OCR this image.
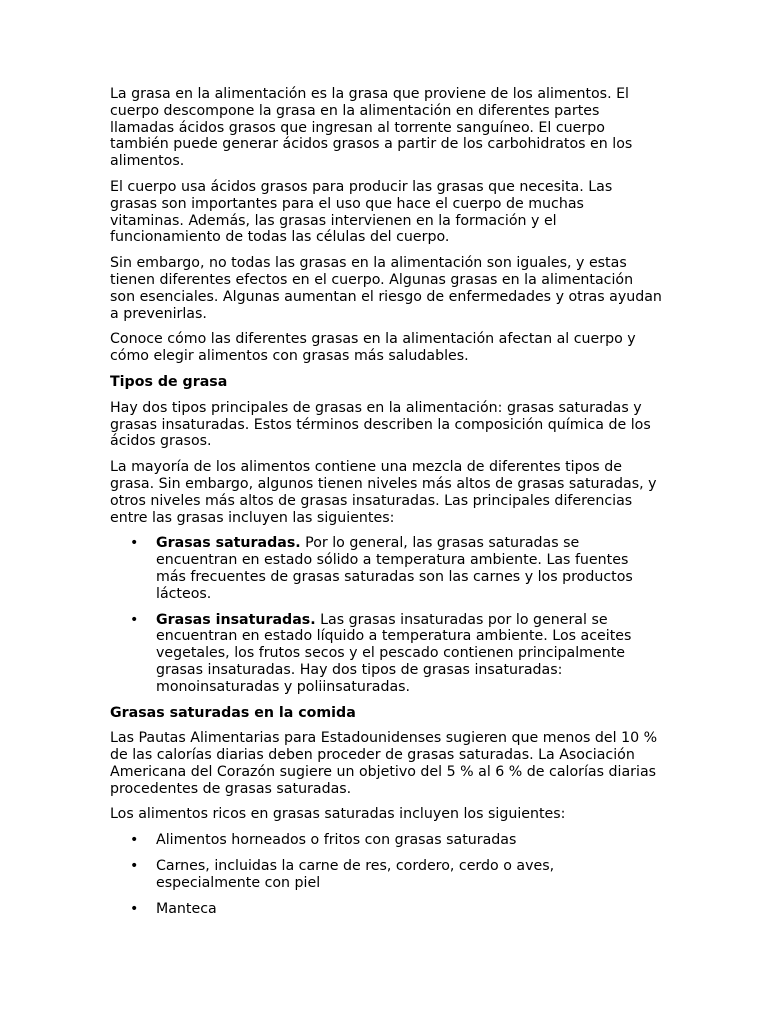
La grasa en la alimentación es la grasa que proviene de los alimentos. El cuerpo descompone la grasa en la alimentación en diferentes partes llamadas ácidos grasos que ingresan al torrente sanguíneo. El cuerpo también puede generar ácidos grasos a partir de los carbohidratos en los alimentos.

El cuerpo usa ácidos grasos para producir las grasas que necesita. Las grasas son importantes para el uso que hace el cuerpo de muchas vitaminas. Además, las grasas intervienen en la formación y el funcionamiento de todas las células del cuerpo.

Sin embargo, no todas las grasas en la alimentación son iguales, y estas tienen diferentes efectos en el cuerpo. Algunas grasas en la alimentación son esenciales. Algunas aumentan el riesgo de enfermedades y otras ayudan a prevenirlas.

Conoce cómo las diferentes grasas en la alimentación afectan al cuerpo y cómo elegir alimentos con grasas más saludables.

Tipos de grasa

Hay dos tipos principales de grasas en la alimentación: grasas saturadas y grasas insaturadas. Estos términos describen la composición química de los ácidos grasos.

La mayoría de los alimentos contiene una mezcla de diferentes tipos de grasa. Sin embargo, algunos tienen niveles más altos de grasas saturadas, y otros niveles más altos de grasas insaturadas. Las principales diferencias entre las grasas incluyen las siguientes:

• Grasas saturadas. Por lo general, las grasas saturadas se encuentran en estado sólido a temperatura ambiente. Las fuentes más frecuentes de grasas saturadas son las carnes y los productos lácteos.
• Grasas insaturadas. Las grasas insaturadas por lo general se encuentran en estado líquido a temperatura ambiente. Los aceites vegetales, los frutos secos y el pescado contienen principalmente grasas insaturadas. Hay dos tipos de grasas insaturadas: monoinsaturadas y poliinsaturadas.
Grasas saturadas en la comida

Las Pautas Alimentarias para Estadounidenses sugieren que menos del 10 % de las calorías diarias deben proceder de grasas saturadas. La Asociación Americana del Corazón sugiere un objetivo del 5 % al 6 % de calorías diarias procedentes de grasas saturadas.

Los alimentos ricos en grasas saturadas incluyen los siguientes:

• Alimentos horneados o fritos con grasas saturadas
• Carnes, incluidas la carne de res, cordero, cerdo o aves, especialmente con piel
• Manteca
